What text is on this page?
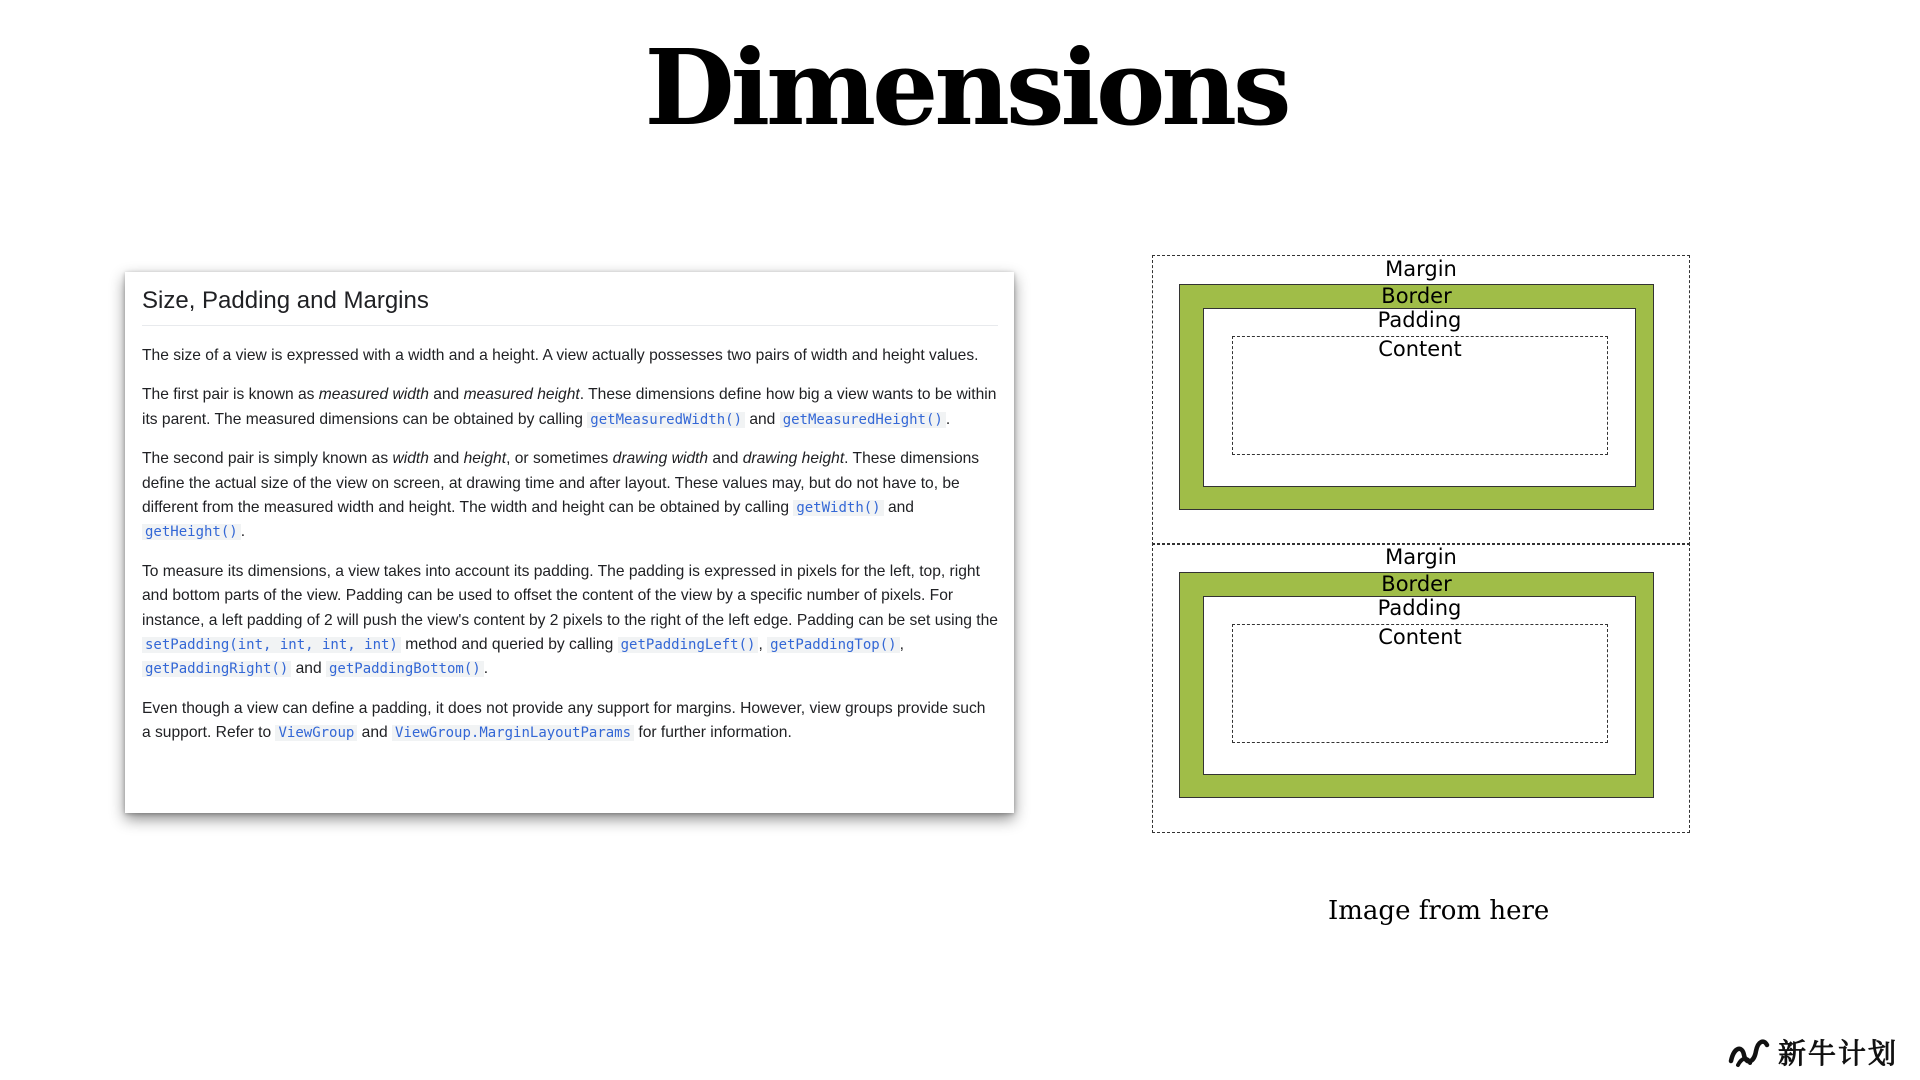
Dimensions
Size, Padding and Margins

The size of a view is expressed with a width and a height. A view actually possesses two pairs of width and height values.

The first pair is known as measured width and measured height. These dimensions define how big a view wants to be within its parent. The measured dimensions can be obtained by calling getMeasuredWidth() and getMeasuredHeight() .

The second pair is simply known as width and height, or sometimes drawing width and drawing height. These dimensions define the actual size of the view on screen, at drawing time and after layout. These values may, but do not have to, be different from the measured width and height. The width and height can be obtained by calling getWidth() and getHeight() .

To measure its dimensions, a view takes into account its padding. The padding is expressed in pixels for the left, top, right and bottom parts of the view. Padding can be used to offset the content of the view by a specific number of pixels. For instance, a left padding of 2 will push the view's content by 2 pixels to the right of the left edge. Padding can be set using the setPadding(int, int, int, int) method and queried by calling getPaddingLeft() , getPaddingTop() , getPaddingRight() and getPaddingBottom() .

Even though a view can define a padding, it does not provide any support for margins. However, view groups provide such a support. Refer to ViewGroup and ViewGroup.MarginLayoutParams for further information.

Margin
Border
Padding
Content
Margin
Border
Padding
Content
Image from here
新牛计划
